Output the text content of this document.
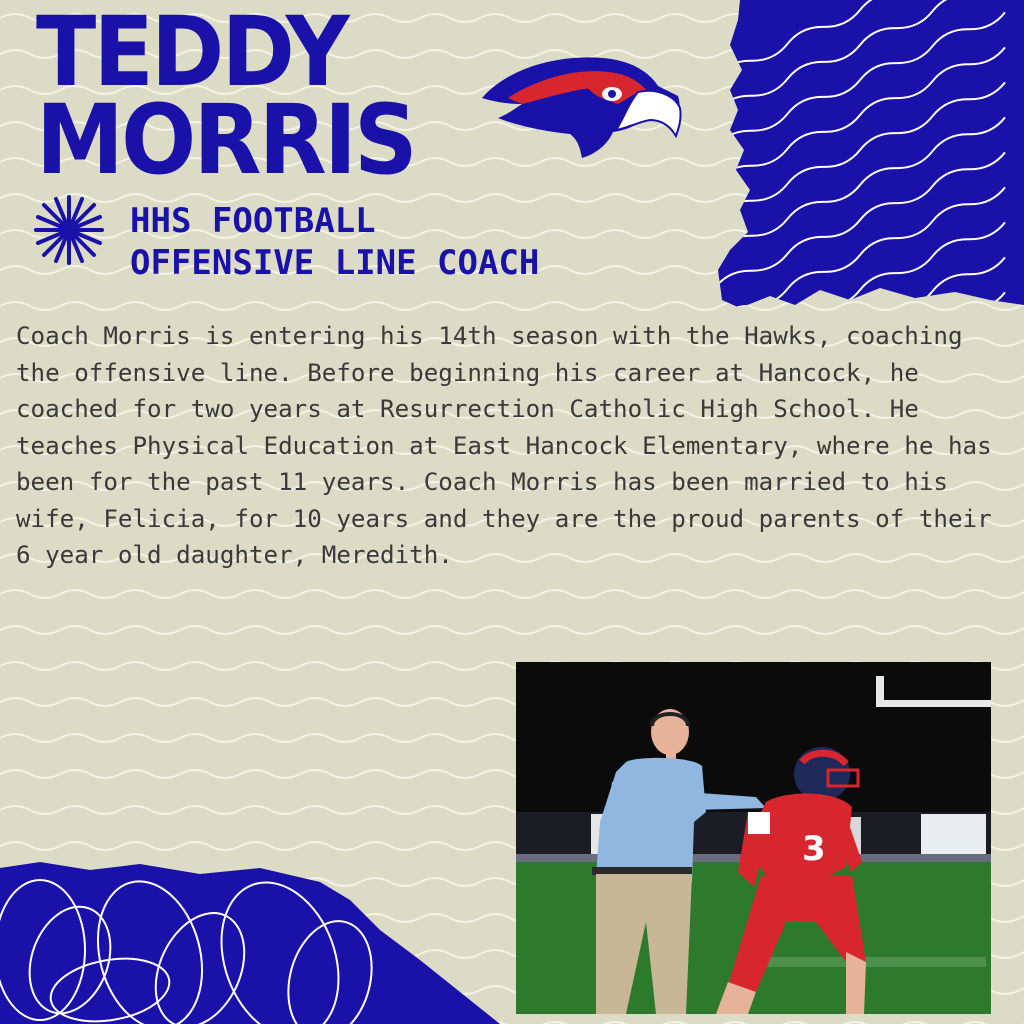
TEDDY
MORRIS
HHS FOOTBALL
OFFENSIVE LINE COACH

Coach Morris is entering his 14th season with the Hawks, coaching the offensive line. Before beginning his career at Hancock, he coached for two years at Resurrection Catholic High School. He teaches Physical Education at East Hancock Elementary, where he has been for the past 11 years. Coach Morris has been married to his wife, Felicia, for 10 years and they are the proud parents of their 6 year old daughter, Meredith.

3
